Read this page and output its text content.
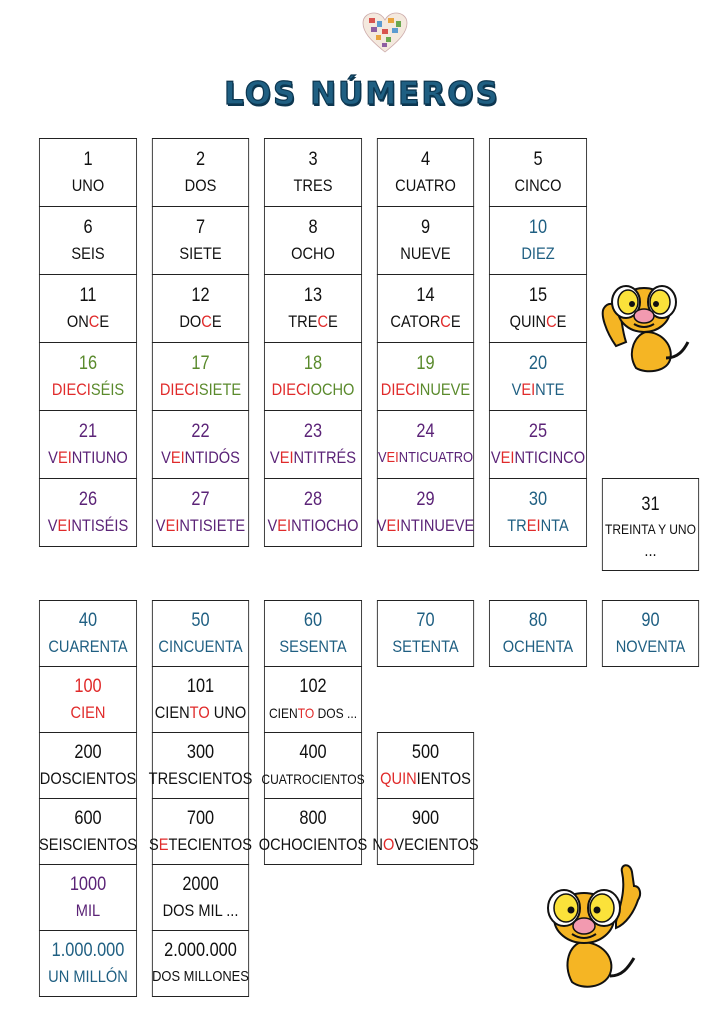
LOS NÚMEROS
1
UNO
2
DOS
3
TRES
4
CUATRO
5
CINCO
6
SEIS
7
SIETE
8
OCHO
9
NUEVE
10
DIEZ
11
ONCE
12
DOCE
13
TRECE
14
CATORCE
15
QUINCE
16
DIECISÉIS
17
DIECISIETE
18
DIECIOCHO
19
DIECINUEVE
20
VEINTE
21
VEINTIUNO
22
VEINTIDÓS
23
VEINTITRÉS
24
VEINTICUATRO
25
VEINTICINCO
26
VEINTISÉIS
27
VEINTISIETE
28
VEINTIOCHO
29
VEINTINUEVE
30
TREINTA
31
TREINTA Y UNO
...
40
CUARENTA
50
CINCUENTA
60
SESENTA
70
SETENTA
80
OCHENTA
90
NOVENTA
100
CIEN
101
CIENTO UNO
102
CIENTO DOS ...
200
DOSCIENTOS
300
TRESCIENTOS
400
CUATROCIENTOS
500
QUINIENTOS
600
SEISCIENTOS
700
SETECIENTOS
800
OCHOCIENTOS
900
NOVECIENTOS
1000
MIL
2000
DOS MIL ...
1.000.000
UN MILLÓN
2.000.000
DOS MILLONES
